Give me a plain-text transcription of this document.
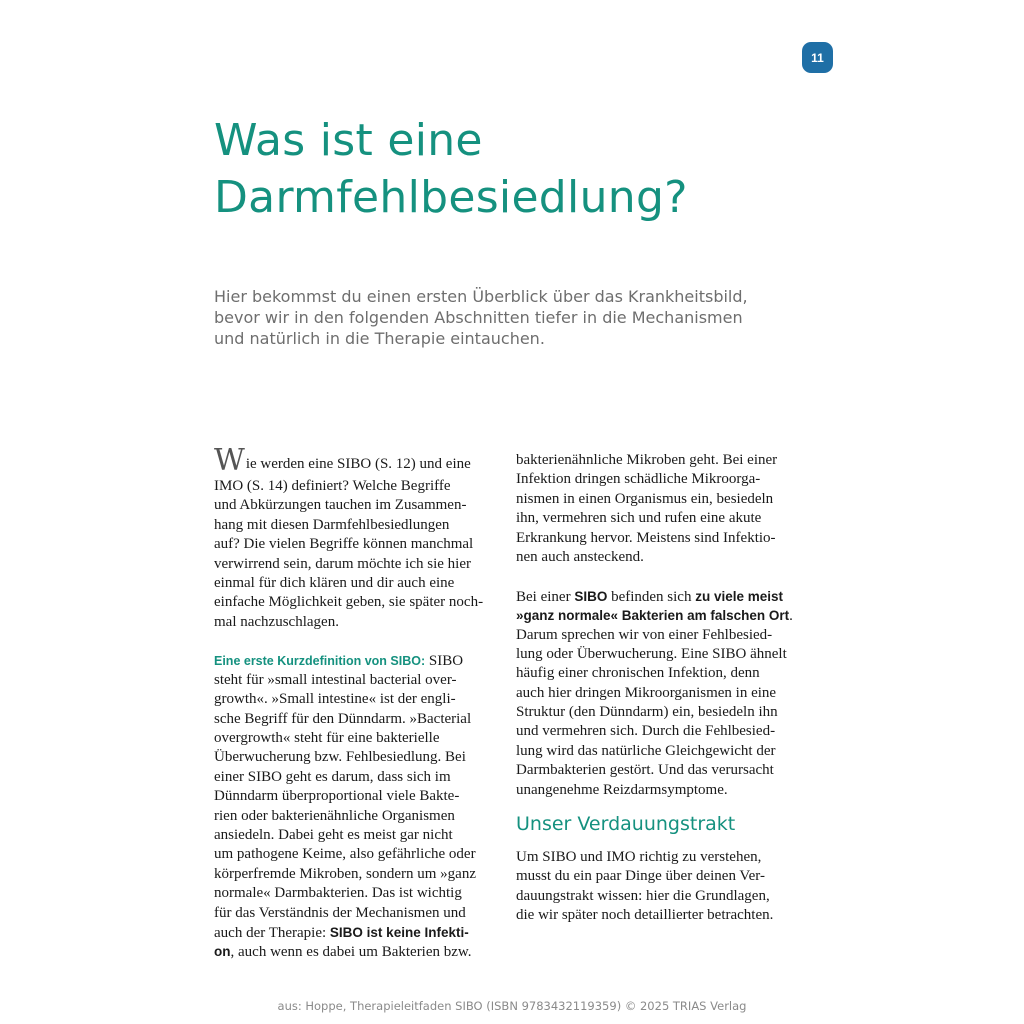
11
Was ist eine
Darmfehlbesiedlung?
Hier bekommst du einen ersten Überblick über das Krankheitsbild,
bevor wir in den folgenden Abschnitten tiefer in die Mechanismen
und natürlich in die Therapie eintauchen.
Wie werden eine SIBO (S. 12) und eine
IMO (S. 14) definiert? Welche Begriffe
und Abkürzungen tauchen im Zusammen-
hang mit diesen Darmfehlbesiedlungen
auf? Die vielen Begriffe können manchmal
verwirrend sein, darum möchte ich sie hier
einmal für dich klären und dir auch eine
einfache Möglichkeit geben, sie später noch-
mal nachzuschlagen.
Eine erste Kurzdefinition von SIBO: SIBO
steht für »small intestinal bacterial over-
growth«. »Small intestine« ist der engli-
sche Begriff für den Dünndarm. »Bacterial
overgrowth« steht für eine bakterielle
Überwucherung bzw. Fehlbesiedlung. Bei
einer SIBO geht es darum, dass sich im
Dünndarm überproportional viele Bakte-
rien oder bakterienähnliche Organismen
ansiedeln. Dabei geht es meist gar nicht
um pathogene Keime, also gefährliche oder
körperfremde Mikroben, sondern um »ganz
normale« Darmbakterien. Das ist wichtig
für das Verständnis der Mechanismen und
auch der Therapie: SIBO ist keine Infekti-
on, auch wenn es dabei um Bakterien bzw.
bakterienähnliche Mikroben geht. Bei einer
Infektion dringen schädliche Mikroorga-
nismen in einen Organismus ein, besiedeln
ihn, vermehren sich und rufen eine akute
Erkrankung hervor. Meistens sind Infektio-
nen auch ansteckend.
Bei einer SIBO befinden sich zu viele meist
»ganz normale« Bakterien am falschen Ort.
Darum sprechen wir von einer Fehlbesied-
lung oder Überwucherung. Eine SIBO ähnelt
häufig einer chronischen Infektion, denn
auch hier dringen Mikroorganismen in eine
Struktur (den Dünndarm) ein, besiedeln ihn
und vermehren sich. Durch die Fehlbesied-
lung wird das natürliche Gleichgewicht der
Darmbakterien gestört. Und das verursacht
unangenehme Reizdarmsymptome.
Unser Verdauungstrakt
Um SIBO und IMO richtig zu verstehen,
musst du ein paar Dinge über deinen Ver-
dauungstrakt wissen: hier die Grundlagen,
die wir später noch detaillierter betrachten.
aus: Hoppe, Therapieleitfaden SIBO (ISBN 9783432119359) © 2025 TRIAS Verlag
